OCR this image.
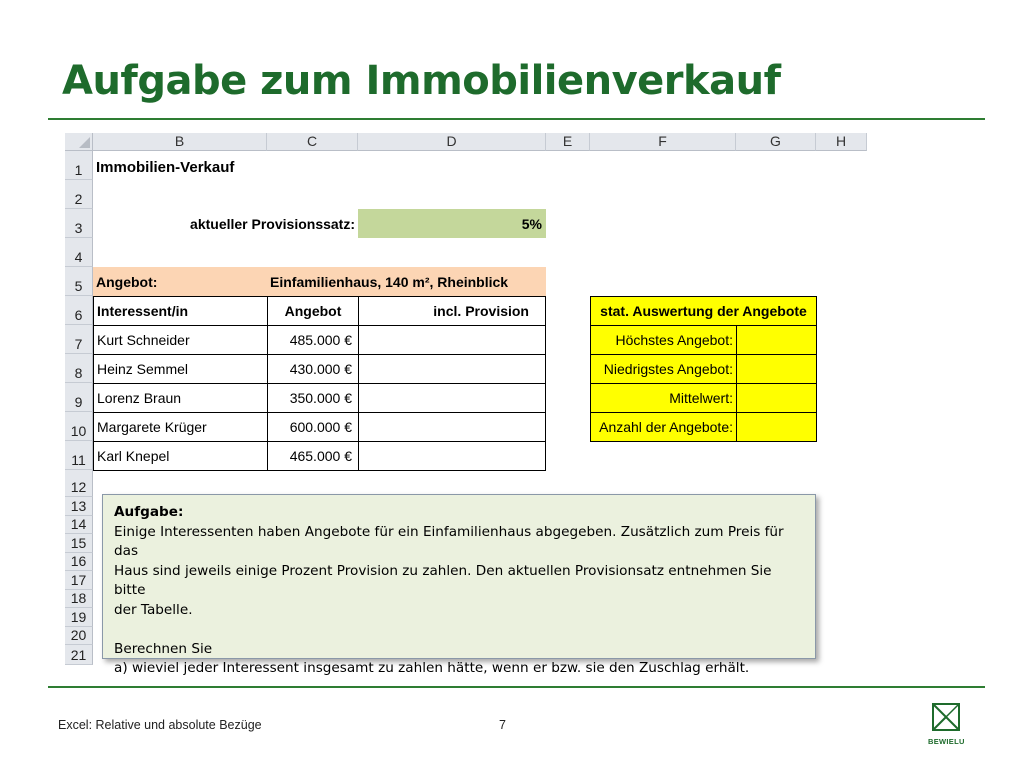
Aufgabe zum Immobilienverkauf
B	C	D	E	F	G	H
1
2
3
4
5
6
7
8
9
10
11
12
13
14
15
16
17
18
19
20
21
Immobilien-Verkauf
aktueller Provisionssatz:	5%
Angebot:	Einfamilienhaus, 140 m², Rheinblick
Interessent/in	Angebot	incl. Provision
Kurt Schneider	485.000 €
Heinz Semmel	430.000 €
Lorenz Braun	350.000 €
Margarete Krüger	600.000 €
Karl Knepel	465.000 €
stat. Auswertung der Angebote
Höchstes Angebot:
Niedrigstes Angebot:
Mittelwert:
Anzahl der Angebote:

Aufgabe:

Einige Interessenten haben Angebote für ein Einfamilienhaus abgegeben. Zusätzlich zum Preis für das

Haus sind jeweils einige Prozent Provision zu zahlen. Den aktuellen Provisionsatz entnehmen Sie bitte

der Tabelle.

Berechnen Sie

a) wieviel jeder Interessent insgesamt zu zahlen hätte, wenn er bzw. sie den Zuschlag erhält.

Excel: Relative und absolute Bezüge	7
BEWIELU
